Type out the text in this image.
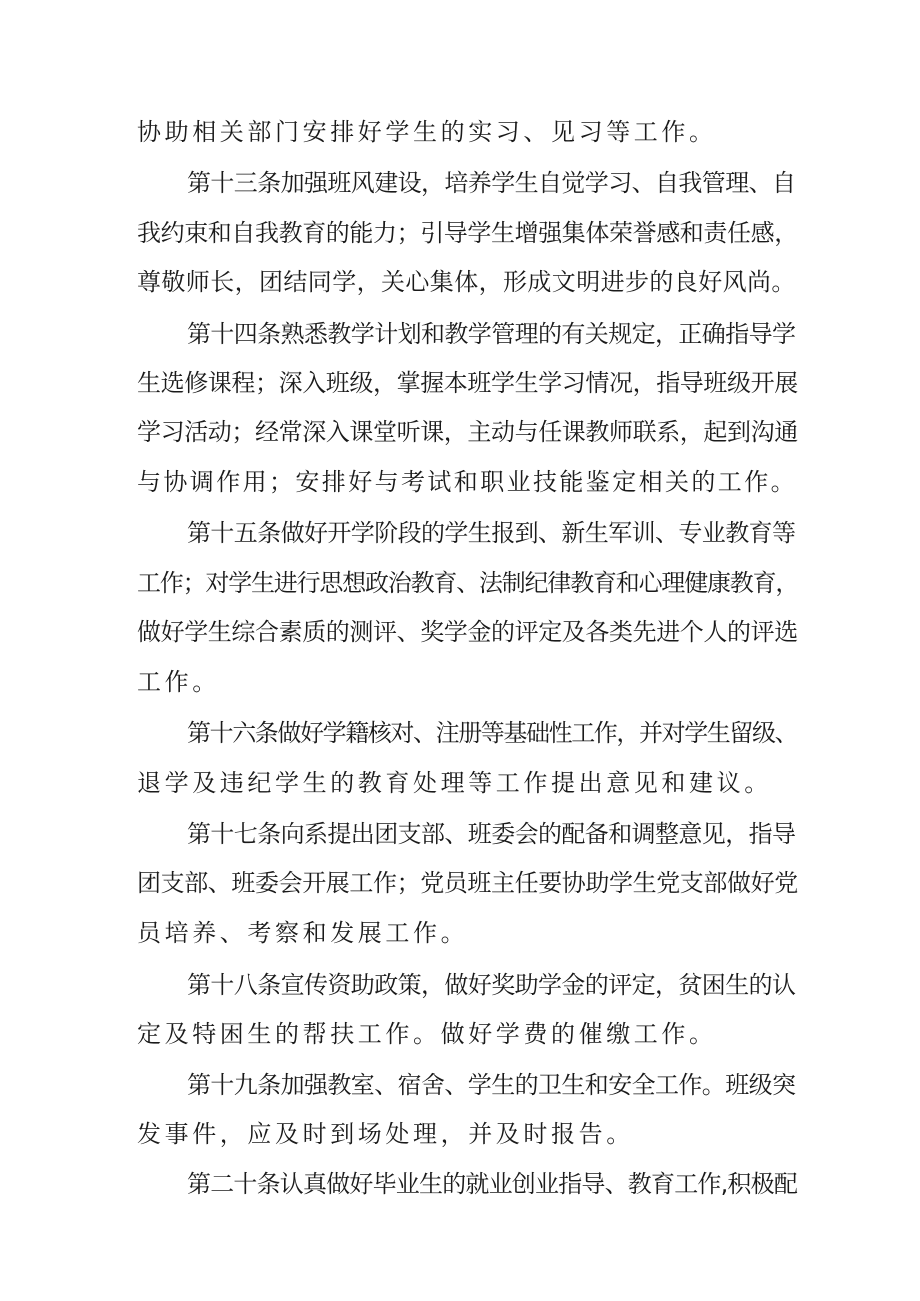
协助相关部门安排好学生的实习、见习等工作。
第十三条加强班风建设，培养学生自觉学习、自我管理、自
我约束和自我教育的能力；引导学生增强集体荣誉感和责任感，
尊敬师长，团结同学，关心集体，形成文明进步的良好风尚。
第十四条熟悉教学计划和教学管理的有关规定，正确指导学
生选修课程；深入班级，掌握本班学生学习情况，指导班级开展
学习活动；经常深入课堂听课，主动与任课教师联系，起到沟通
与协调作用；安排好与考试和职业技能鉴定相关的工作。
第十五条做好开学阶段的学生报到、新生军训、专业教育等
工作；对学生进行思想政治教育、法制纪律教育和心理健康教育，
做好学生综合素质的测评、奖学金的评定及各类先进个人的评选
工作。
第十六条做好学籍核对、注册等基础性工作，并对学生留级、
退学及违纪学生的教育处理等工作提出意见和建议。
第十七条向系提出团支部、班委会的配备和调整意见，指导
团支部、班委会开展工作；党员班主任要协助学生党支部做好党
员培养、考察和发展工作。
第十八条宣传资助政策，做好奖助学金的评定，贫困生的认
定及特困生的帮扶工作。做好学费的催缴工作。
第十九条加强教室、宿舍、学生的卫生和安全工作。班级突
发事件，应及时到场处理，并及时报告。
第二十条认真做好毕业生的就业创业指导、教育工作,积极配
